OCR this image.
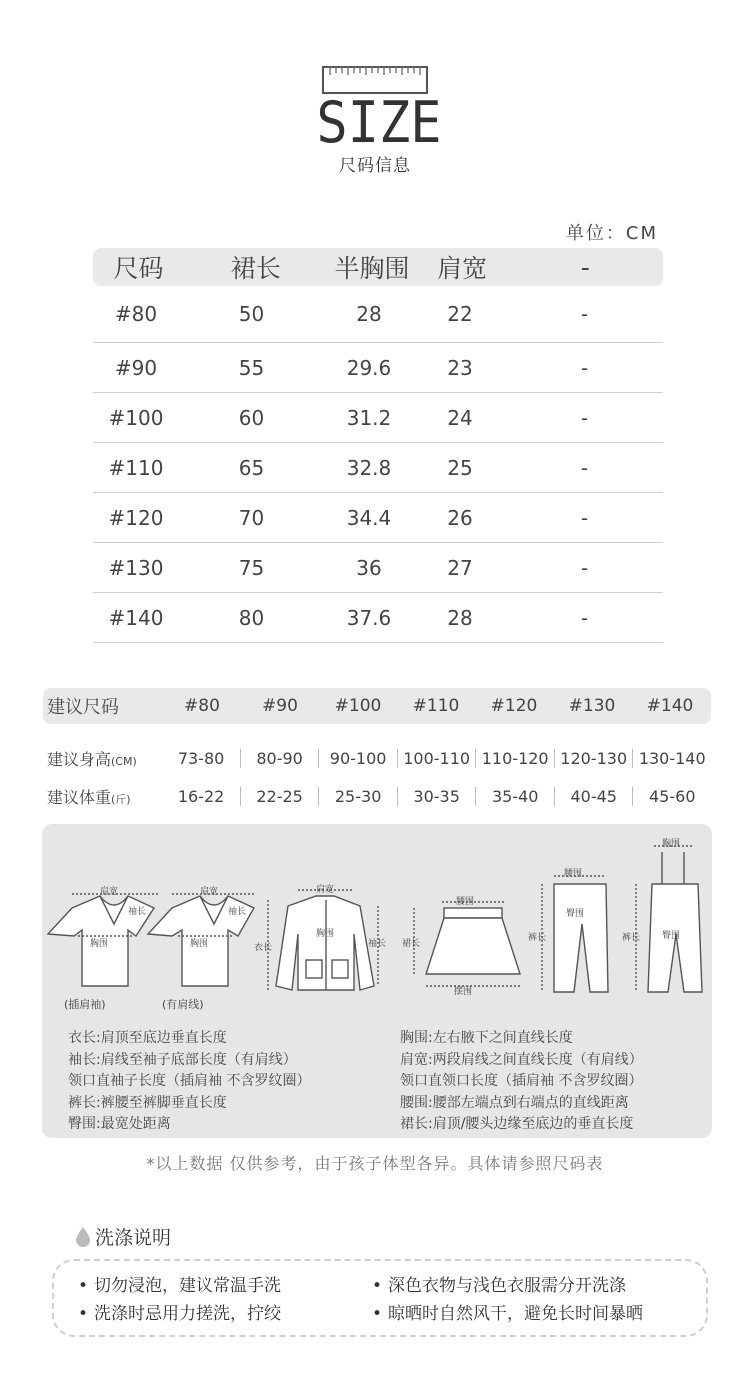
SIZE
尺码信息
单位：CM
尺码	裙长	半胸围	肩宽	-
#80	50	28	22	-
#90	55	29.6	23	-
#100	60	31.2	24	-
#110	65	32.8	25	-
#120	70	34.4	26	-
#130	75	36	27	-
#140	80	37.6	28	-
建议尺码	#80	#90	#100	#110	#120	#130	#140
建议身高(CM)	73-80	80-90	90-100	100-110 110-120 120-130 130-140
建议体重(斤)	16-22	22-25	25-30	30-35	35-40	40-45	45-60
肩宽
胸围
袖长
(插肩袖)
肩宽
胸围
袖长
(有肩线)
肩宽
胸围
衣长	袖长
腰围
摆围
裙长
腰围
臀围
裤长
胸围
臀围
裤长
衣长:肩顶至底边垂直长度
袖长:肩线至袖子底部长度（有肩线）
领口直袖子长度（插肩袖 不含罗纹圈）
裤长:裤腰至裤脚垂直长度
臀围:最宽处距离
胸围:左右腋下之间直线长度
肩宽:两段肩线之间直线长度（有肩线）
领口直领口长度（插肩袖 不含罗纹圈）
腰围:腰部左端点到右端点的直线距离
裙长:肩顶/腰头边缘至底边的垂直长度
*以上数据 仅供参考，由于孩子体型各异。具体请参照尺码表
洗涤说明
• 切勿浸泡，建议常温手洗	• 深色衣物与浅色衣服需分开洗涤
• 洗涤时忌用力搓洗，拧绞	• 晾晒时自然风干，避免长时间暴晒
